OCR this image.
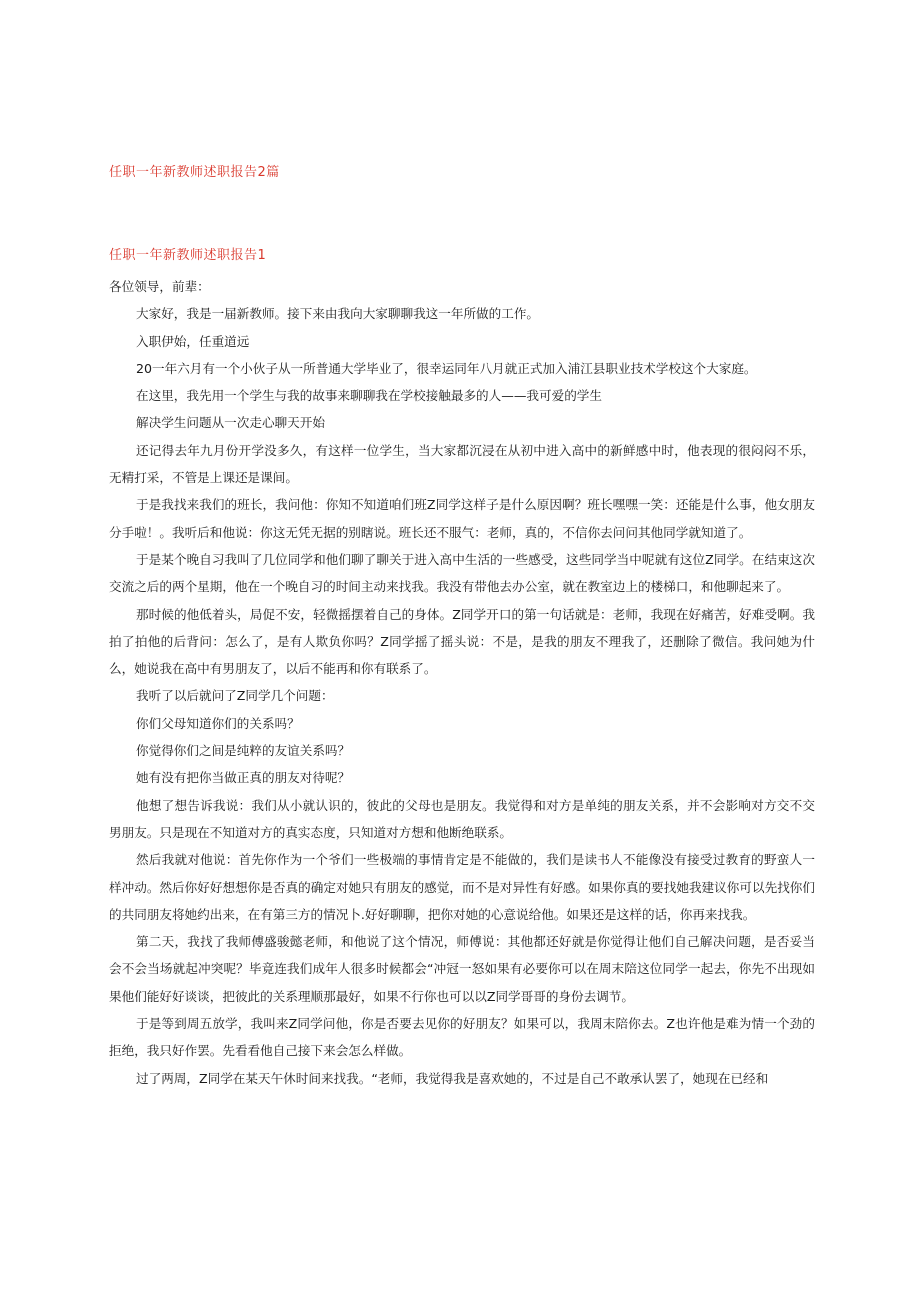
任职一年新教师述职报告2篇
任职一年新教师述职报告1

各位领导，前辈：

大家好，我是一届新教师。接下来由我向大家聊聊我这一年所做的工作。

入职伊始，任重道远

20一年六月有一个小伙子从一所普通大学毕业了，很幸运同年八月就正式加入浦江县职业技术学校这个大家庭。

在这里，我先用一个学生与我的故事来聊聊我在学校接触最多的人——我可爱的学生

解决学生问题从一次走心聊天开始

还记得去年九月份开学没多久，有这样一位学生，当大家都沉浸在从初中进入高中的新鲜感中时，他表现的很闷闷不乐，无精打采，不管是上课还是课间。

于是我找来我们的班长，我问他：你知不知道咱们班Z同学这样子是什么原因啊？班长嘿嘿一笑：还能是什么事，他女朋友分手啦！。我听后和他说：你这无凭无据的别瞎说。班长还不服气：老师，真的，不信你去问问其他同学就知道了。

于是某个晚自习我叫了几位同学和他们聊了聊关于进入高中生活的一些感受，这些同学当中呢就有这位Z同学。在结束这次交流之后的两个星期，他在一个晚自习的时间主动来找我。我没有带他去办公室，就在教室边上的楼梯口，和他聊起来了。

那时候的他低着头，局促不安，轻微摇摆着自己的身体。Z同学开口的第一句话就是：老师，我现在好痛苦，好难受啊。我拍了拍他的后背问：怎么了，是有人欺负你吗？Z同学摇了摇头说：不是，是我的朋友不理我了，还删除了微信。我问她为什么，她说我在高中有男朋友了，以后不能再和你有联系了。

我听了以后就问了Z同学几个问题：

你们父母知道你们的关系吗？

你觉得你们之间是纯粹的友谊关系吗？

她有没有把你当做正真的朋友对待呢？

他想了想告诉我说：我们从小就认识的，彼此的父母也是朋友。我觉得和对方是单纯的朋友关系，并不会影响对方交不交男朋友。只是现在不知道对方的真实态度，只知道对方想和他断绝联系。

然后我就对他说：首先你作为一个爷们一些极端的事情肯定是不能做的，我们是读书人不能像没有接受过教育的野蛮人一样冲动。然后你好好想想你是否真的确定对她只有朋友的感觉，而不是对异性有好感。如果你真的要找她我建议你可以先找你们的共同朋友将她约出来，在有第三方的情况卜.好好聊聊，把你对她的心意说给他。如果还是这样的话，你再来找我。

第二天，我找了我师傅盛骏懿老师，和他说了这个情况，师傅说：其他都还好就是你觉得让他们自己解决问题，是否妥当会不会当场就起冲突呢？毕竟连我们成年人很多时候都会“冲冠一怒如果有必要你可以在周末陪这位同学一起去，你先不出现如果他们能好好谈谈，把彼此的关系理顺那最好，如果不行你也可以以Z同学哥哥的身份去调节。

于是等到周五放学，我叫来Z同学问他，你是否要去见你的好朋友？如果可以，我周末陪你去。Z也许他是难为情一个劲的拒绝，我只好作罢。先看看他自己接下来会怎么样做。

过了两周，Z同学在某天午休时间来找我。“老师，我觉得我是喜欢她的，不过是自己不敢承认罢了，她现在已经和
